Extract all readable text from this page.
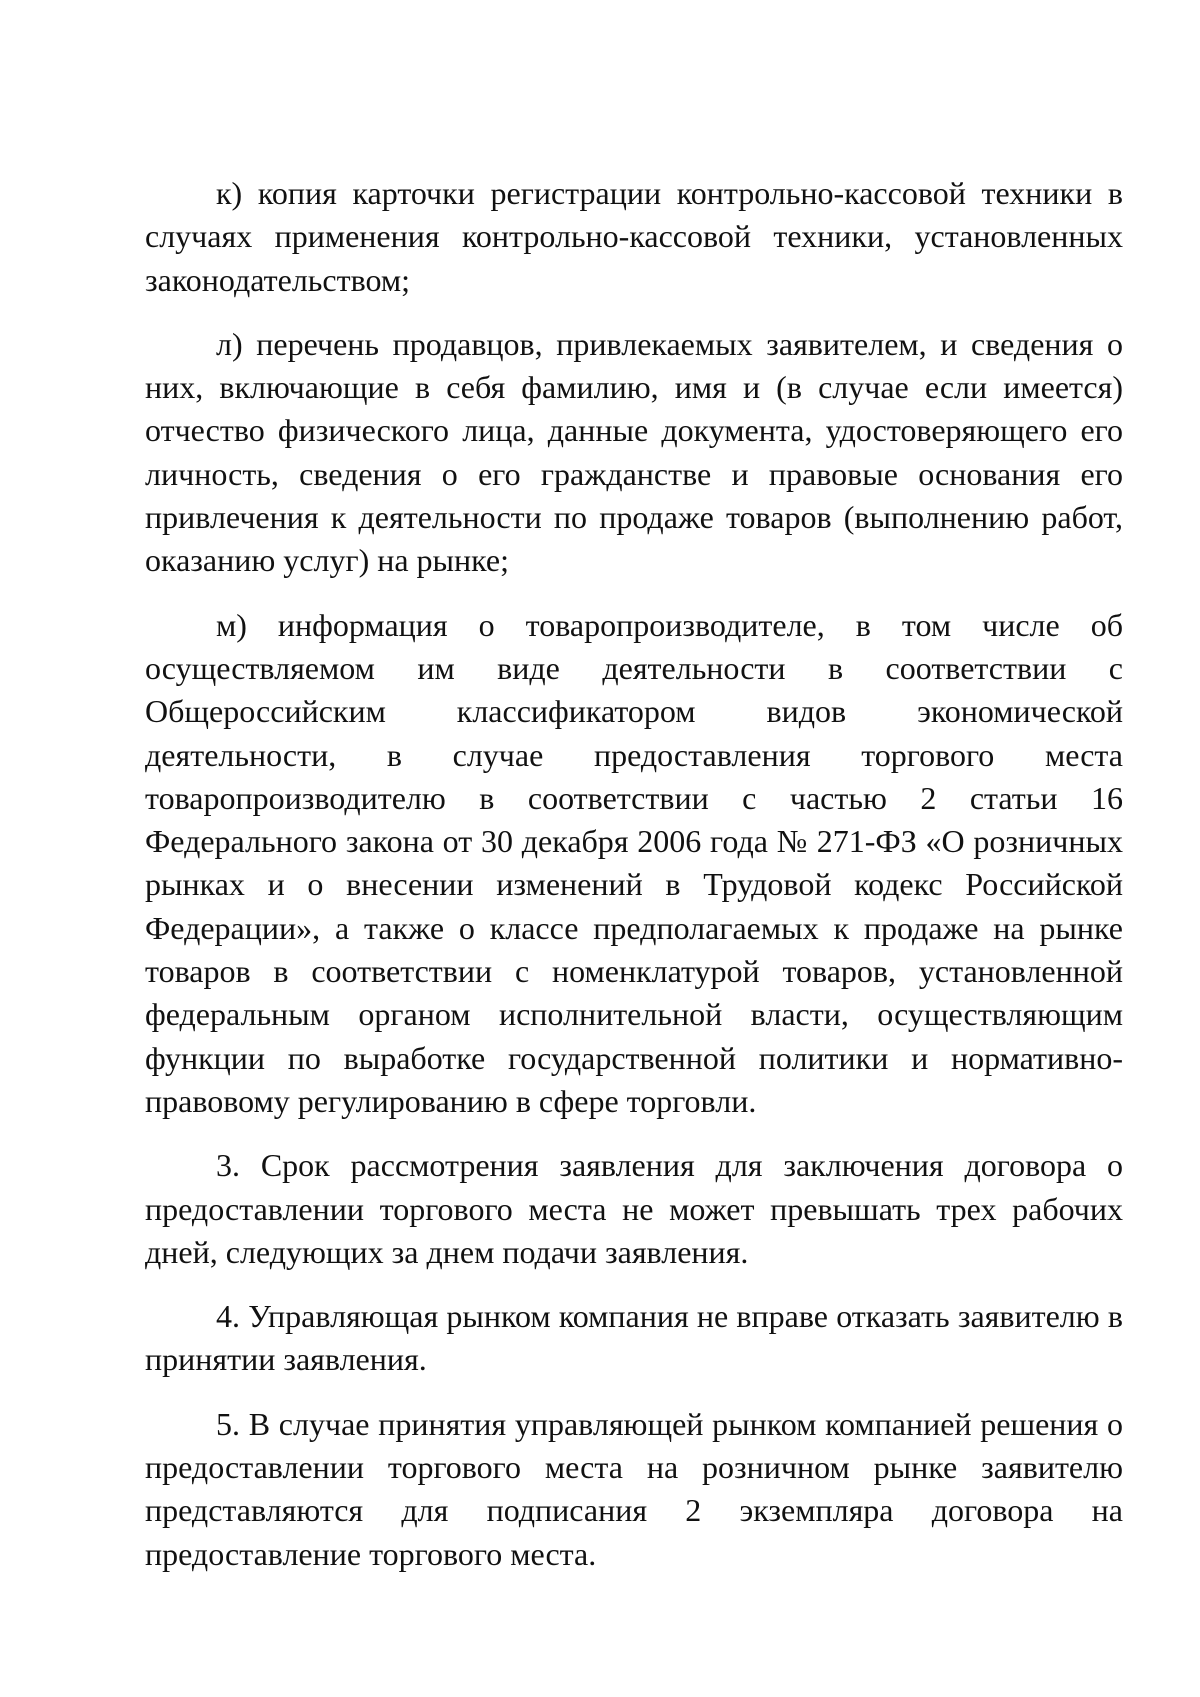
к) копия карточки регистрации контрольно-кассовой техники в случаях применения контрольно-кассовой техники, установленных законодательством;

л) перечень продавцов, привлекаемых заявителем, и сведения о них, включающие в себя фамилию, имя и (в случае если имеется) отчество физического лица, данные документа, удостоверяющего его личность, сведения о его гражданстве и правовые основания его привлечения к деятельности по продаже товаров (выполнению работ, оказанию услуг) на рынке;

м) информация о товаропроизводителе, в том числе об осуществляемом им виде деятельности в соответствии с Общероссийским классификатором видов экономической деятельности, в случае предоставления торгового места товаропроизводителю в соответствии с частью 2 статьи 16 Федерального закона от 30 декабря 2006 года № 271-ФЗ «О розничных рынках и о внесении изменений в Трудовой кодекс Российской Федерации», а также о классе предполагаемых к продаже на рынке товаров в соответствии с номенклатурой товаров, установленной федеральным органом исполнительной власти, осуществляющим функции по выработке государственной политики и нормативно-правовому регулированию в сфере торговли.

3. Срок рассмотрения заявления для заключения договора о предоставлении торгового места не может превышать трех рабочих дней, следующих за днем подачи заявления.

4. Управляющая рынком компания не вправе отказать заявителю в принятии заявления.

5. В случае принятия управляющей рынком компанией решения о предоставлении торгового места на розничном рынке заявителю представляются для подписания 2 экземпляра договора на предоставление торгового места.
